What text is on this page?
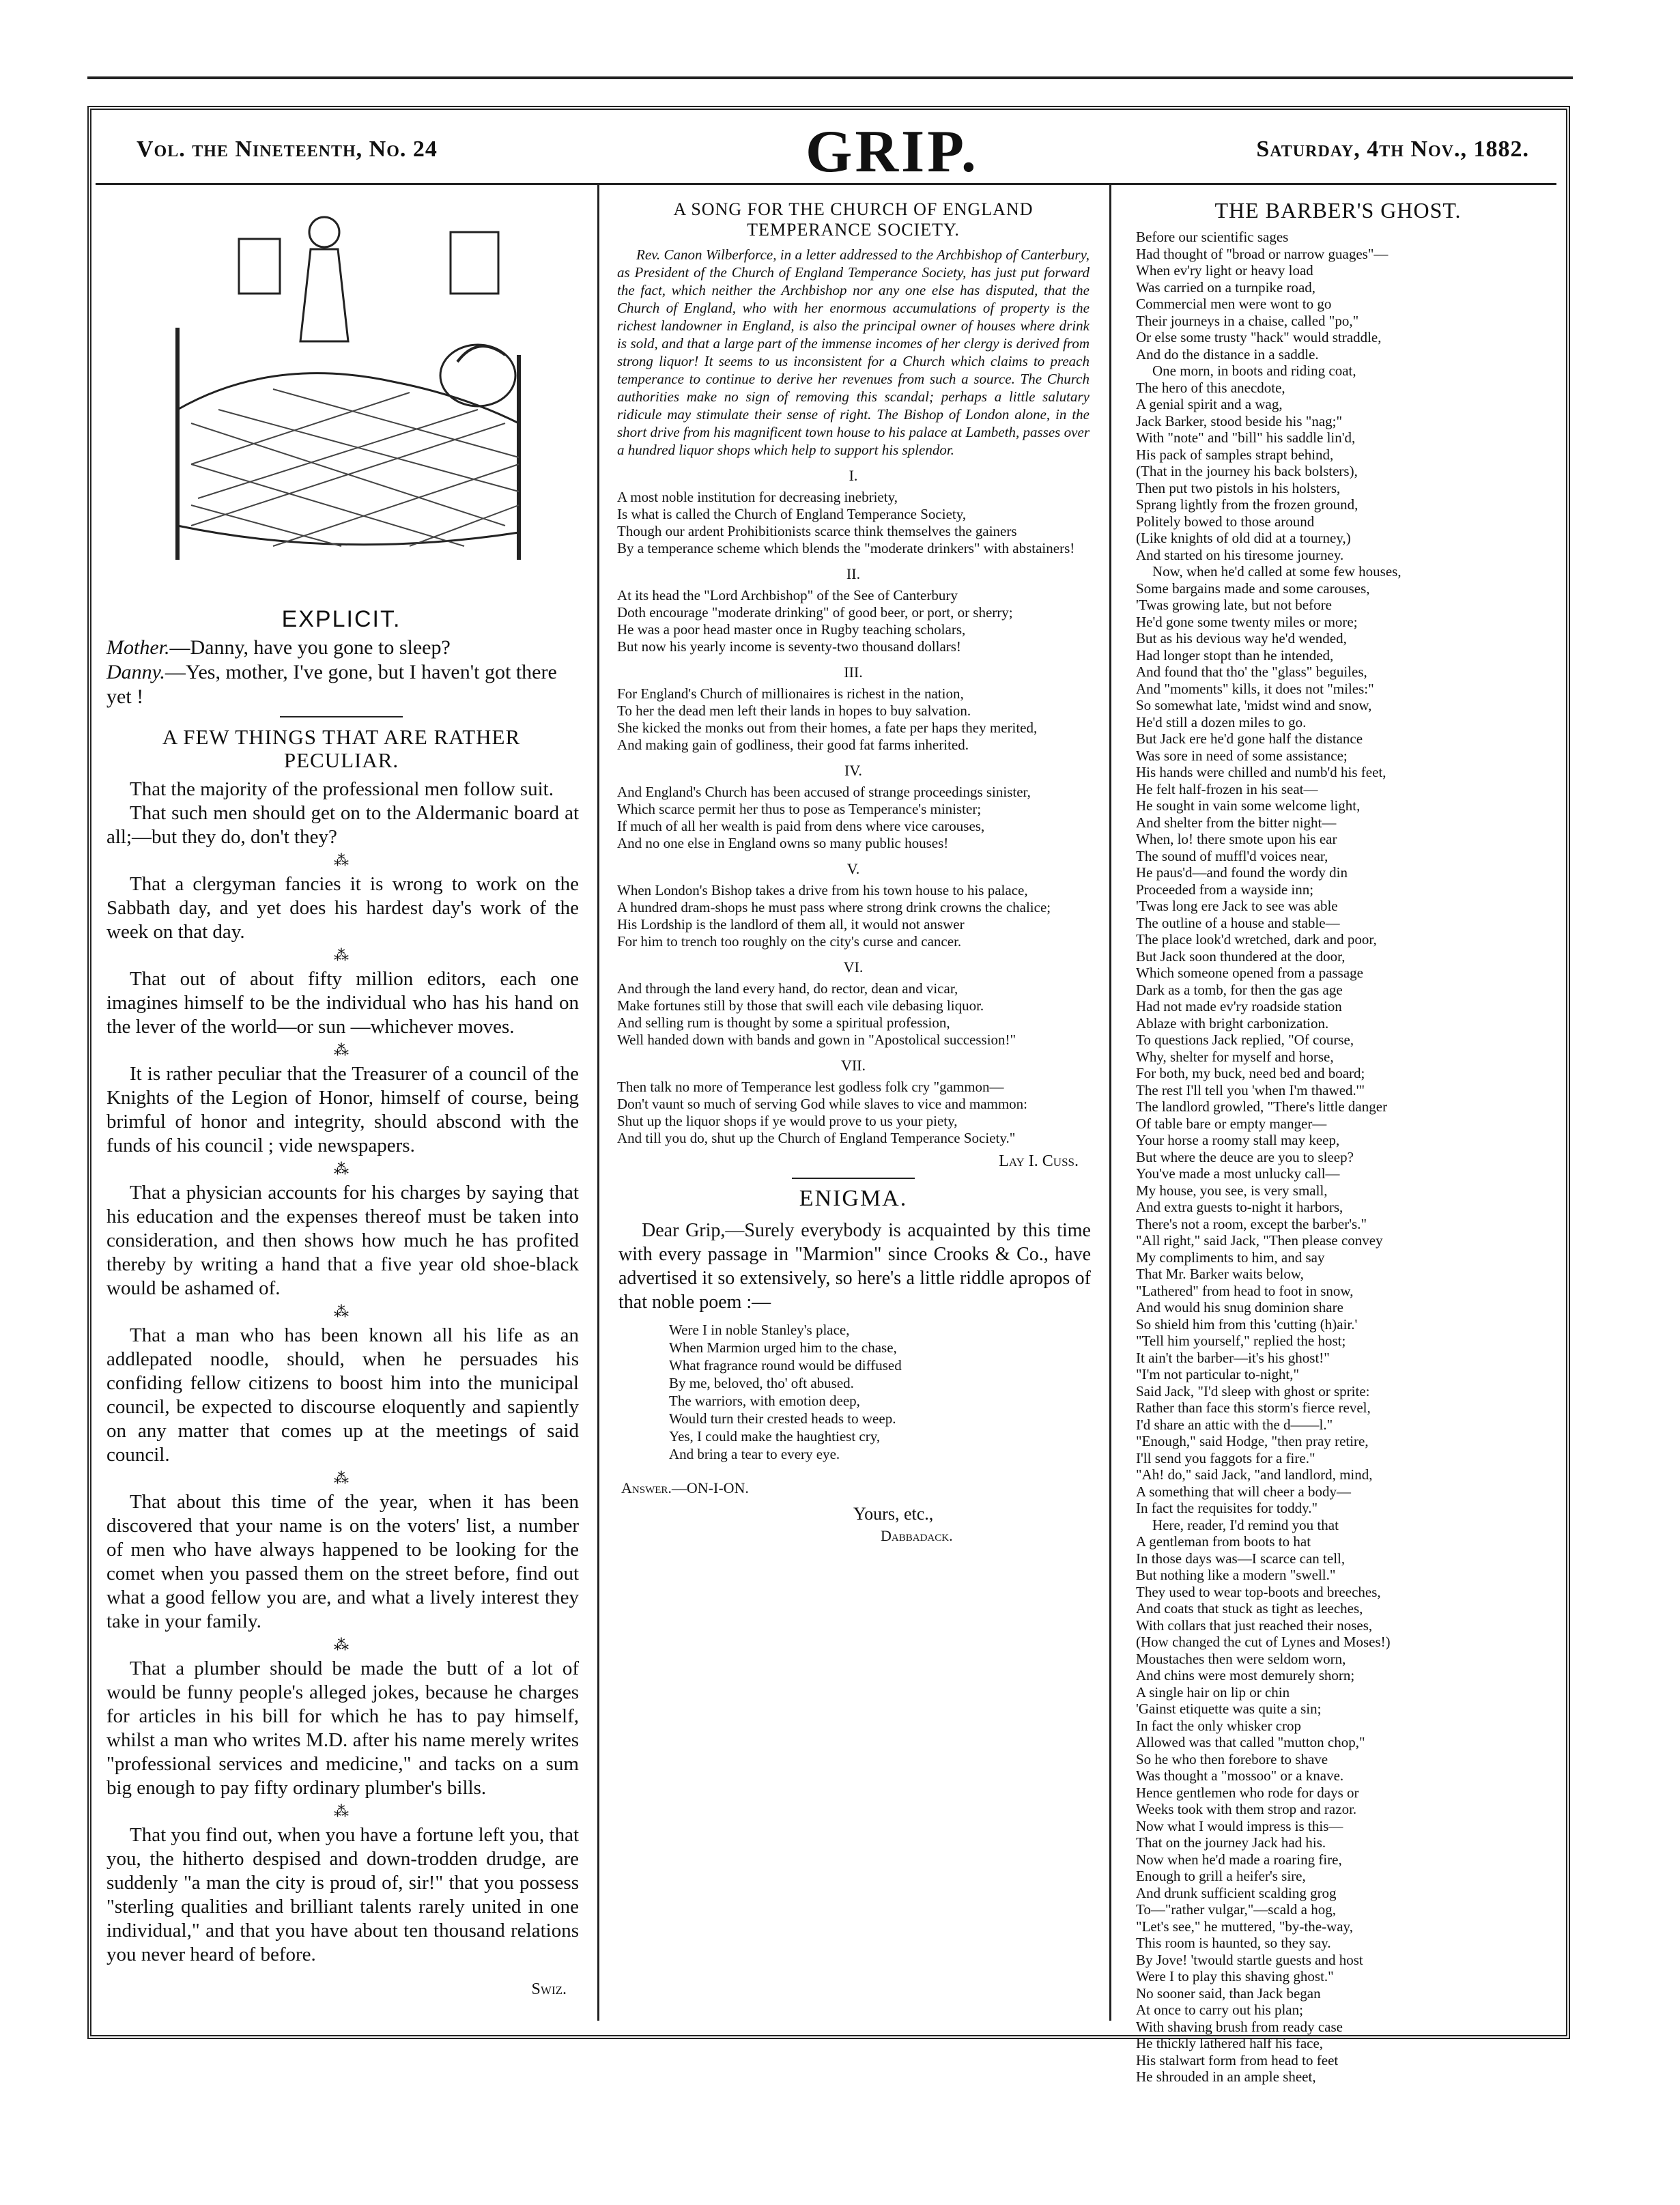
Vol. the Nineteenth, No. 24	GRIP.	Saturday, 4th Nov., 1882.
EXPLICIT.
Mother.—Danny, have you gone to sleep?
Danny.—Yes, mother, I've gone, but I haven't got there yet !
A FEW THINGS THAT ARE RATHER PECULIAR.

That the majority of the professional men follow suit.

That such men should get on to the Aldermanic board at all;—but they do, don't they?

⁂

That a clergyman fancies it is wrong to work on the Sabbath day, and yet does his hardest day's work of the week on that day.

⁂

That out of about fifty million editors, each one imagines himself to be the individual who has his hand on the lever of the world—or sun —whichever moves.

⁂

It is rather peculiar that the Treasurer of a council of the Knights of the Legion of Honor, himself of course, being brimful of honor and integrity, should abscond with the funds of his council ; vide newspapers.

⁂

That a physician accounts for his charges by saying that his education and the expenses thereof must be taken into consideration, and then shows how much he has profited thereby by writing a hand that a five year old shoe-black would be ashamed of.

⁂

That a man who has been known all his life as an addlepated noodle, should, when he persuades his confiding fellow citizens to boost him into the municipal council, be expected to discourse eloquently and sapiently on any matter that comes up at the meetings of said council.

⁂

That about this time of the year, when it has been discovered that your name is on the voters' list, a number of men who have always happened to be looking for the comet when you passed them on the street before, find out what a good fellow you are, and what a lively interest they take in your family.

⁂

That a plumber should be made the butt of a lot of would be funny people's alleged jokes, because he charges for articles in his bill for which he has to pay himself, whilst a man who writes M.D. after his name merely writes "professional services and medicine," and tacks on a sum big enough to pay fifty ordinary plumber's bills.

⁂

That you find out, when you have a fortune left you, that you, the hitherto despised and down-trodden drudge, are suddenly "a man the city is proud of, sir!" that you possess "sterling qualities and brilliant talents rarely united in one individual," and that you have about ten thousand relations you never heard of before.

Swiz.
A SONG FOR THE CHURCH OF ENGLAND TEMPERANCE SOCIETY.

Rev. Canon Wilberforce, in a letter addressed to the Archbishop of Canterbury, as President of the Church of England Temperance Society, has just put forward the fact, which neither the Archbishop nor any one else has disputed, that the Church of England, who with her enormous accumulations of property is the richest landowner in England, is also the principal owner of houses where drink is sold, and that a large part of the immense incomes of her clergy is derived from strong liquor! It seems to us inconsistent for a Church which claims to preach temperance to continue to derive her revenues from such a source. The Church authorities make no sign of removing this scandal; perhaps a little salutary ridicule may stimulate their sense of right. The Bishop of London alone, in the short drive from his magnificent town house to his palace at Lambeth, passes over a hundred liquor shops which help to support his splendor.

I.
A most noble institution for decreasing inebriety,
Is what is called the Church of England Temperance Society,
Though our ardent Prohibitionists scarce think themselves the gainers
By a temperance scheme which blends the "moderate drinkers" with abstainers!
II.
At its head the "Lord Archbishop" of the See of Canterbury
Doth encourage "moderate drinking" of good beer, or port, or sherry;
He was a poor head master once in Rugby teaching scholars,
But now his yearly income is seventy-two thousand dollars!
III.
For England's Church of millionaires is richest in the nation,
To her the dead men left their lands in hopes to buy salvation.
She kicked the monks out from their homes, a fate per haps they merited,
And making gain of godliness, their good fat farms inherited.
IV.
And England's Church has been accused of strange proceedings sinister,
Which scarce permit her thus to pose as Temperance's minister;
If much of all her wealth is paid from dens where vice carouses,
And no one else in England owns so many public houses!
V.
When London's Bishop takes a drive from his town house to his palace,
A hundred dram-shops he must pass where strong drink crowns the chalice;
His Lordship is the landlord of them all, it would not answer
For him to trench too roughly on the city's curse and cancer.
VI.
And through the land every hand, do rector, dean and vicar,
Make fortunes still by those that swill each vile debasing liquor.
And selling rum is thought by some a spiritual profession,
Well handed down with bands and gown in "Apostolical succession!"
VII.
Then talk no more of Temperance lest godless folk cry "gammon—
Don't vaunt so much of serving God while slaves to vice and mammon:
Shut up the liquor shops if ye would prove to us your piety,
And till you do, shut up the Church of England Temperance Society."
Lay I. Cuss.
ENIGMA.

Dear Grip,—Surely everybody is acquainted by this time with every passage in "Marmion" since Crooks & Co., have advertised it so extensively, so here's a little riddle apropos of that noble poem :—

Were I in noble Stanley's place,
When Marmion urged him to the chase,
What fragrance round would be diffused
By me, beloved, tho' oft abused.
The warriors, with emotion deep,
Would turn their crested heads to weep.
Yes, I could make the haughtiest cry,
And bring a tear to every eye.
Answer.—ON-I-ON.
Yours, etc.,
Dabbadack.
THE BARBER'S GHOST.
Before our scientific sages
Had thought of "broad or narrow guages"—
When ev'ry light or heavy load
Was carried on a turnpike road,
Commercial men were wont to go
Their journeys in a chaise, called "po,"
Or else some trusty "hack" would straddle,
And do the distance in a saddle.
One morn, in boots and riding coat,
The hero of this anecdote,
A genial spirit and a wag,
Jack Barker, stood beside his "nag;"
With "note" and "bill" his saddle lin'd,
His pack of samples strapt behind,
(That in the journey his back bolsters),
Then put two pistols in his holsters,
Sprang lightly from the frozen ground,
Politely bowed to those around
(Like knights of old did at a tourney,)
And started on his tiresome journey.
Now, when he'd called at some few houses,
Some bargains made and some carouses,
'Twas growing late, but not before
He'd gone some twenty miles or more;
But as his devious way he'd wended,
Had longer stopt than he intended,
And found that tho' the "glass" beguiles,
And "moments" kills, it does not "miles:"
So somewhat late, 'midst wind and snow,
He'd still a dozen miles to go.
But Jack ere he'd gone half the distance
Was sore in need of some assistance;
His hands were chilled and numb'd his feet,
He felt half-frozen in his seat—
He sought in vain some welcome light,
And shelter from the bitter night—
When, lo! there smote upon his ear
The sound of muffl'd voices near,
He paus'd—and found the wordy din
Proceeded from a wayside inn;
'Twas long ere Jack to see was able
The outline of a house and stable—
The place look'd wretched, dark and poor,
But Jack soon thundered at the door,
Which someone opened from a passage
Dark as a tomb, for then the gas age
Had not made ev'ry roadside station
Ablaze with bright carbonization.
To questions Jack replied, "Of course,
Why, shelter for myself and horse,
For both, my buck, need bed and board;
The rest I'll tell you 'when I'm thawed.'"
The landlord growled, "There's little danger
Of table bare or empty manger—
Your horse a roomy stall may keep,
But where the deuce are you to sleep?
You've made a most unlucky call—
My house, you see, is very small,
And extra guests to-night it harbors,
There's not a room, except the barber's."
"All right," said Jack, "Then please convey
My compliments to him, and say
That Mr. Barker waits below,
"Lathered" from head to foot in snow,
And would his snug dominion share
So shield him from this 'cutting (h)air.'
"Tell him yourself," replied the host;
It ain't the barber—it's his ghost!"
"I'm not particular to-night,"
Said Jack, "I'd sleep with ghost or sprite:
Rather than face this storm's fierce revel,
I'd share an attic with the d——l."
"Enough," said Hodge, "then pray retire,
I'll send you faggots for a fire."
"Ah! do," said Jack, "and landlord, mind,
A something that will cheer a body—
In fact the requisites for toddy."
Here, reader, I'd remind you that
A gentleman from boots to hat
In those days was—I scarce can tell,
But nothing like a modern "swell."
They used to wear top-boots and breeches,
And coats that stuck as tight as leeches,
With collars that just reached their noses,
(How changed the cut of Lynes and Moses!)
Moustaches then were seldom worn,
And chins were most demurely shorn;
A single hair on lip or chin
'Gainst etiquette was quite a sin;
In fact the only whisker crop
Allowed was that called "mutton chop,"
So he who then forebore to shave
Was thought a "mossoo" or a knave.
Hence gentlemen who rode for days or
Weeks took with them strop and razor.
Now what I would impress is this—
That on the journey Jack had his.
Now when he'd made a roaring fire,
Enough to grill a heifer's sire,
And drunk sufficient scalding grog
To—"rather vulgar,"—scald a hog,
"Let's see," he muttered, "by-the-way,
This room is haunted, so they say.
By Jove! 'twould startle guests and host
Were I to play this shaving ghost."
No sooner said, than Jack began
At once to carry out his plan;
With shaving brush from ready case
He thickly lathered half his face,
His stalwart form from head to feet
He shrouded in an ample sheet,
